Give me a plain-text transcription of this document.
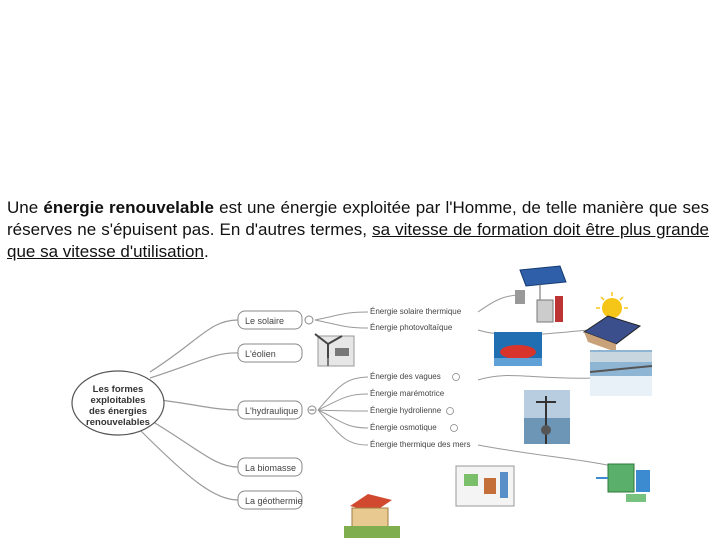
Une énergie renouvelable est une énergie exploitée par l'Homme, de telle manière que ses réserves ne s'épuisent pas. En d'autres termes, sa vitesse de formation doit être plus grande que sa vitesse d'utilisation.

Les formes
exploitables
des énergies
renouvelables
Le solaire
L'éolien
L'hydraulique
La biomasse
La géothermie
Énergie solaire thermique
Énergie photovoltaïque
Énergie des vagues
Énergie marémotrice
Énergie hydrolienne
Énergie osmotique
Énergie thermique des mers
